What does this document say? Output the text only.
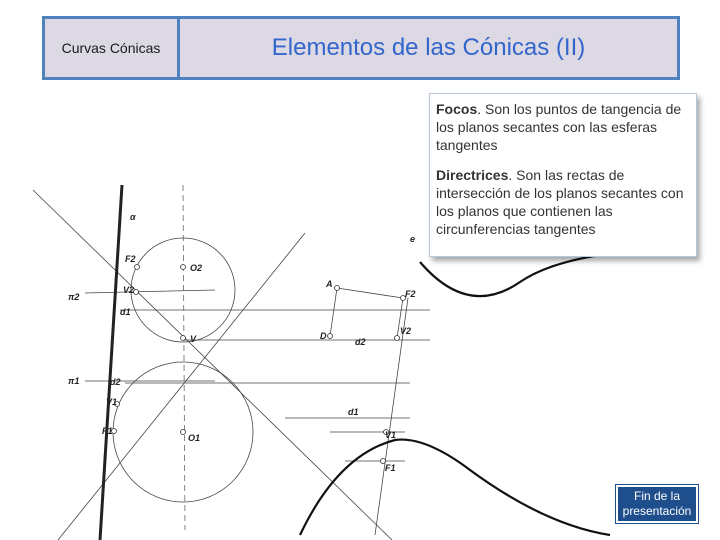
Curvas Cónicas	Elementos de las Cónicas (II)
α
e
F2
O2
V2
π2
A
F2
d1
V	D
d2
V2
π1	d2
V1
d1
F1
O1	V1
F1

Focos. Son los puntos de tangencia de los planos secantes con las esferas tangentes

Directrices. Son las rectas de intersección de los planos secantes con los planos que contienen las circunferencias tangentes

Fin de la presentación
